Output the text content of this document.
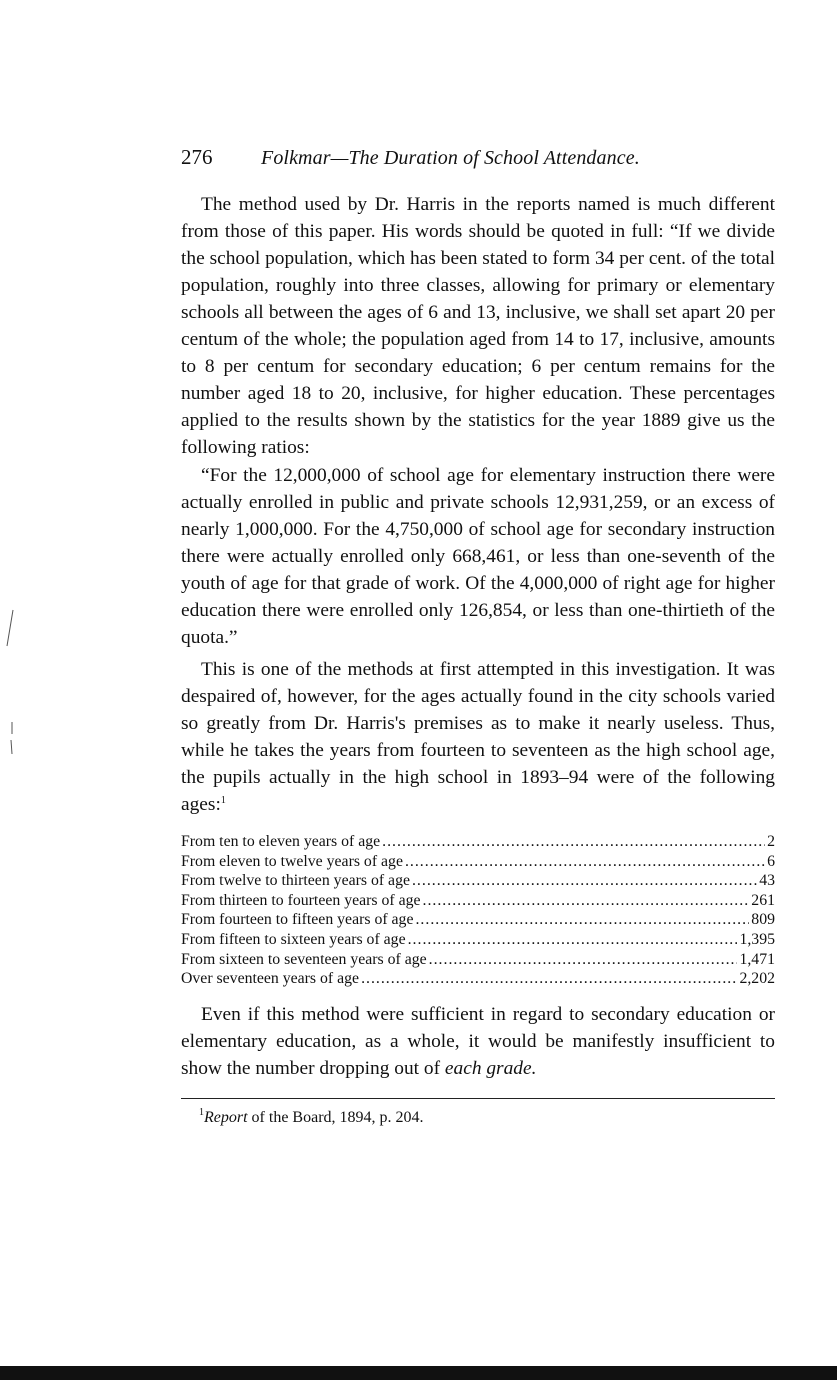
276	Folkmar—The Duration of School Attendance.

The method used by Dr. Harris in the reports named is much different from those of this paper. His words should be quoted in full: “If we divide the school population, which has been stated to form 34 per cent. of the total population, roughly into three classes, allowing for primary or elementary schools all between the ages of 6 and 13, inclusive, we shall set apart 20 per centum of the whole; the population aged from 14 to 17, inclusive, amounts to 8 per centum for secondary education; 6 per centum remains for the number aged 18 to 20, inclusive, for higher education. These percentages applied to the results shown by the statistics for the year 1889 give us the following ratios:

“For the 12,000,000 of school age for elementary instruction there were actually enrolled in public and private schools 12,931,259, or an excess of nearly 1,000,000. For the 4,750,000 of school age for secondary instruction there were actually enrolled only 668,461, or less than one-seventh of the youth of age for that grade of work. Of the 4,000,000 of right age for higher education there were enrolled only 126,854, or less than one-thirtieth of the quota.”

This is one of the methods at first attempted in this investigation. It was despaired of, however, for the ages actually found in the city schools varied so greatly from Dr. Harris's premises as to make it nearly useless. Thus, while he takes the years from fourteen to seventeen as the high school age, the pupils actually in the high school in 1893–94 were of the following ages:$^1$

From ten to eleven years of age .....	2
From eleven to twelve years of age .....	6
From twelve to thirteen years of age .....	43
From thirteen to fourteen years of age .....	261
From fourteen to fifteen years of age .....	809
From fifteen to sixteen years of age .....	1,395
From sixteen to seventeen years of age .....	1,471
Over seventeen years of age .....	2,202

Even if this method were sufficient in regard to secondary education or elementary education, as a whole, it would be manifestly insufficient to show the number dropping out of each grade.

$^1$Report of the Board, 1894, p. 204.
